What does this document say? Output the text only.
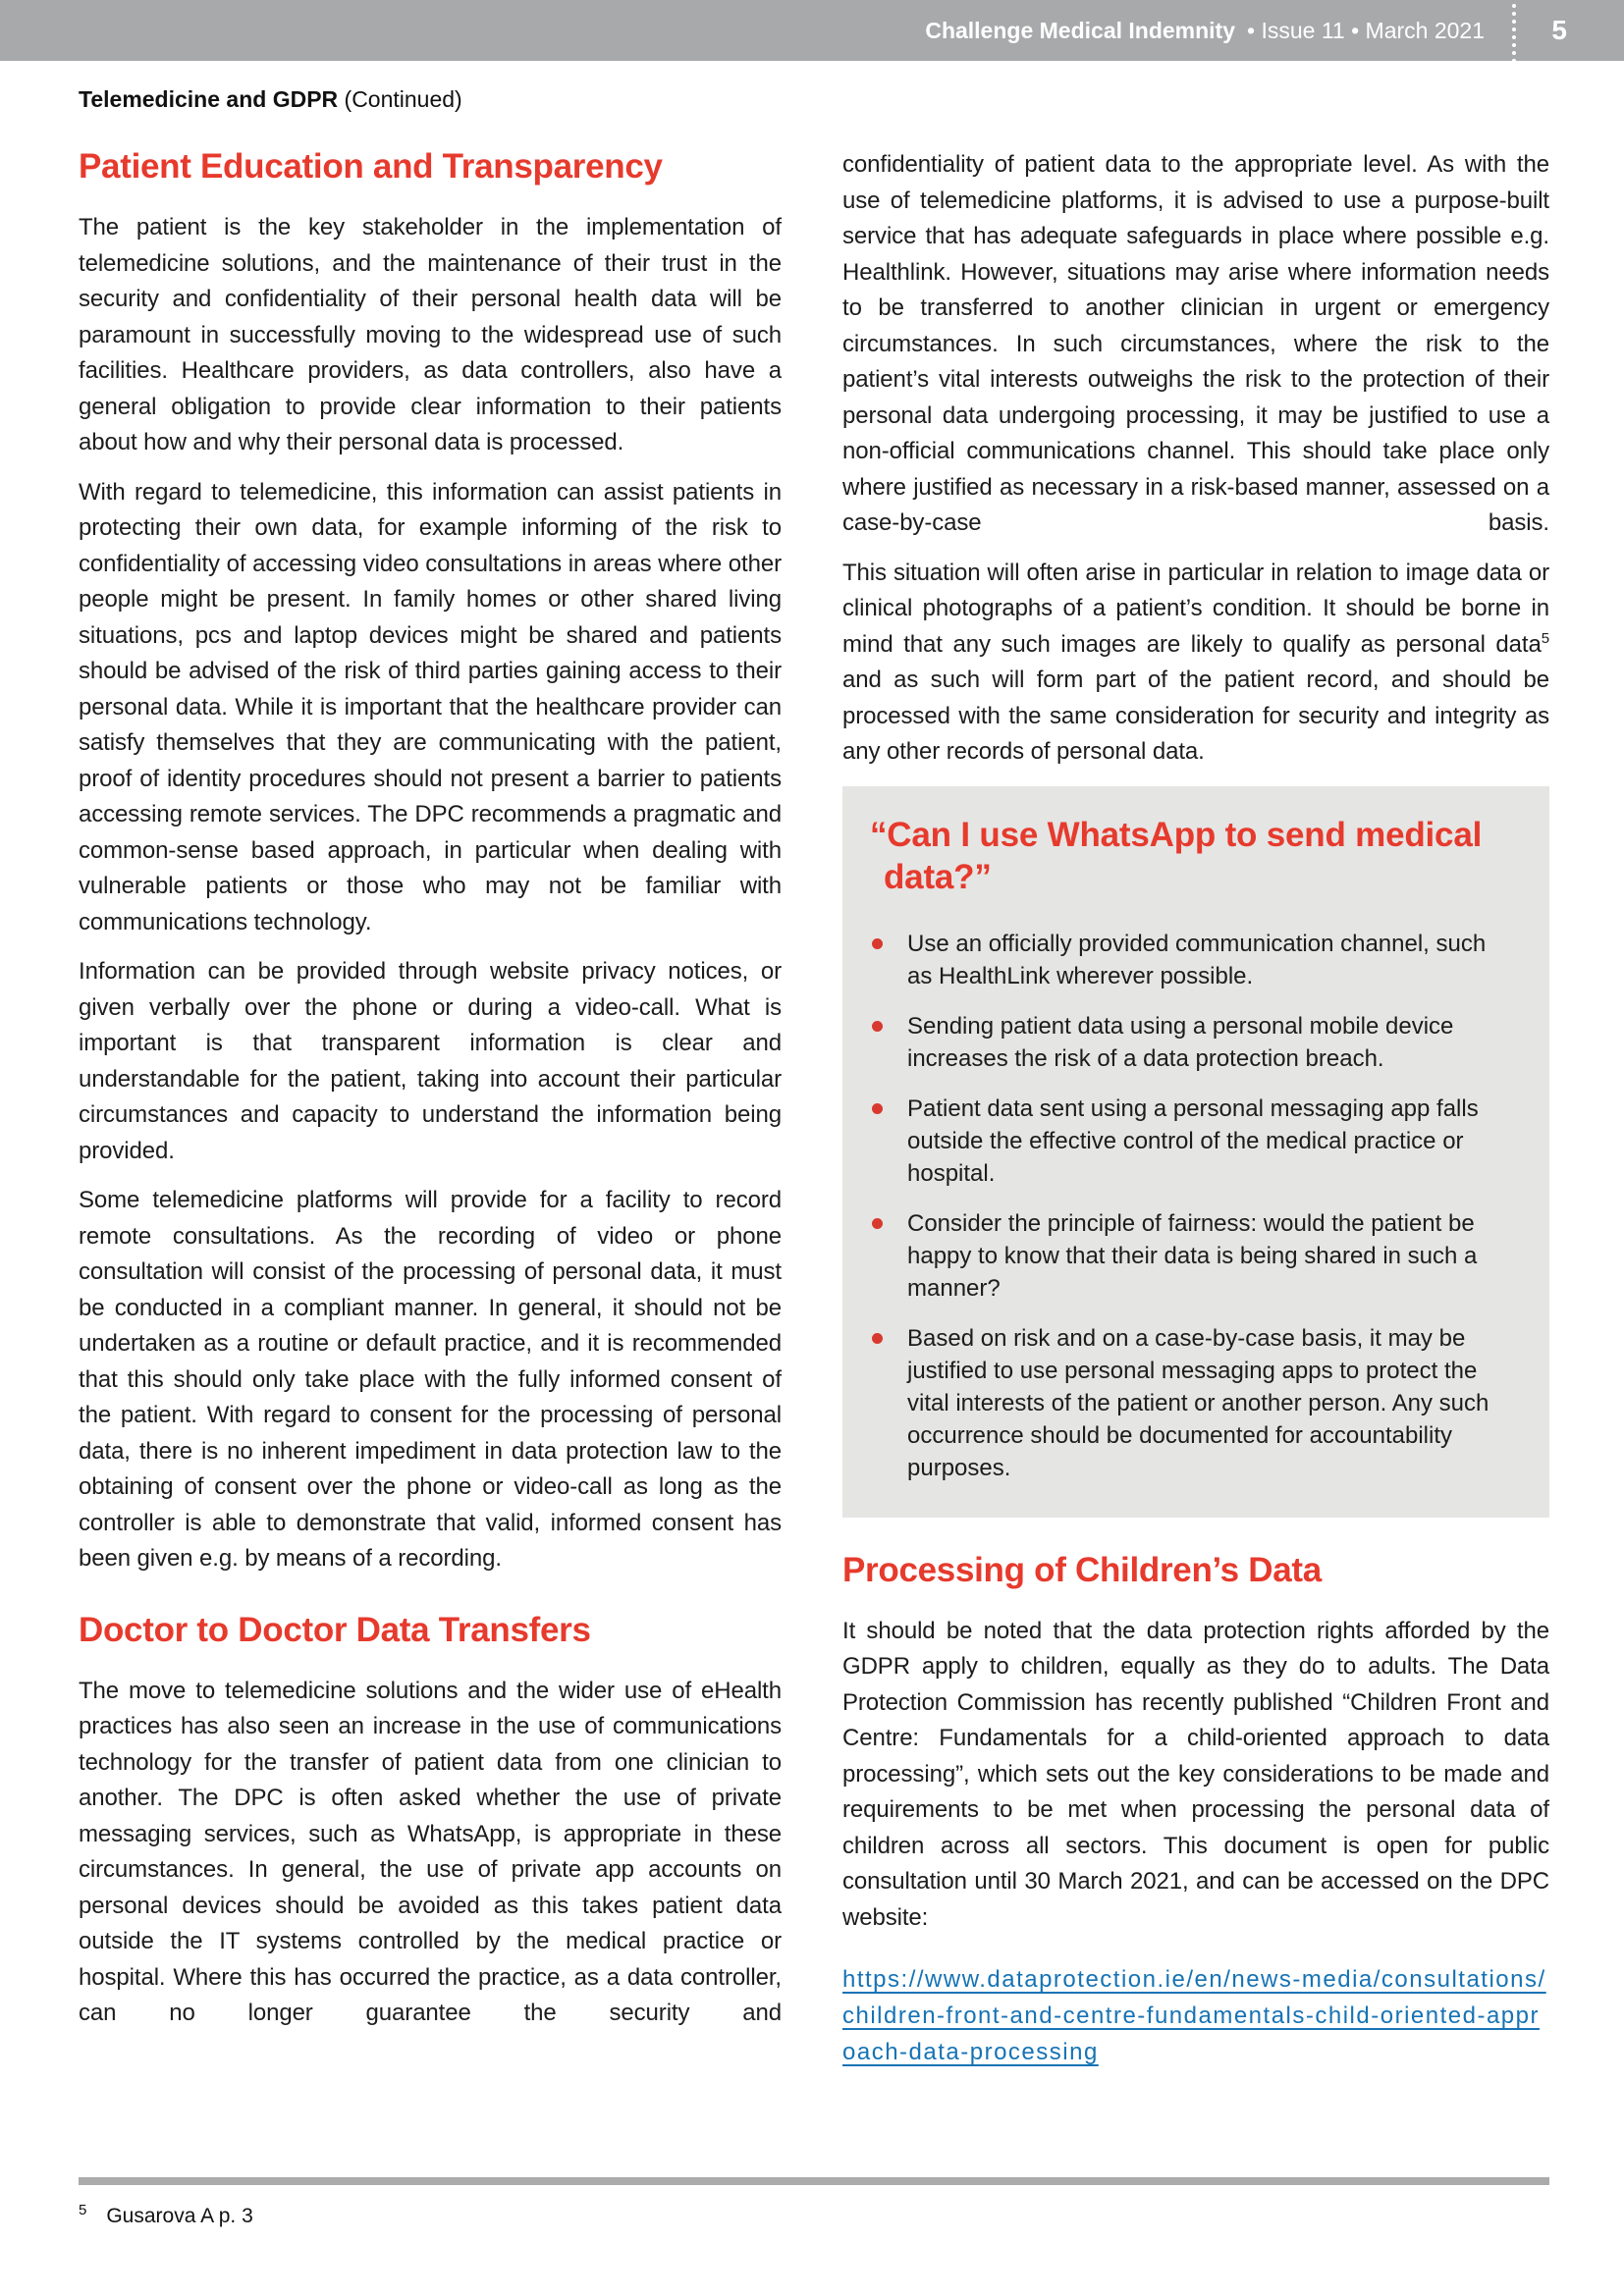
Challenge Medical Indemnity • Issue 11 • March 2021 5
Telemedicine and GDPR (Continued)
Patient Education and Transparency

The patient is the key stakeholder in the implementation of telemedicine solutions, and the maintenance of their trust in the security and confidentiality of their personal health data will be paramount in successfully moving to the widespread use of such facilities. Healthcare providers, as data controllers, also have a general obligation to provide clear information to their patients about how and why their personal data is processed.

With regard to telemedicine, this information can assist patients in protecting their own data, for example informing of the risk to confidentiality of accessing video consultations in areas where other people might be present. In family homes or other shared living situations, pcs and laptop devices might be shared and patients should be advised of the risk of third parties gaining access to their personal data. While it is important that the healthcare provider can satisfy themselves that they are communicating with the patient, proof of identity procedures should not present a barrier to patients accessing remote services. The DPC recommends a pragmatic and common-sense based approach, in particular when dealing with vulnerable patients or those who may not be familiar with communications technology.

Information can be provided through website privacy notices, or given verbally over the phone or during a video-call. What is important is that transparent information is clear and understandable for the patient, taking into account their particular circumstances and capacity to understand the information being provided.

Some telemedicine platforms will provide for a facility to record remote consultations. As the recording of video or phone consultation will consist of the processing of personal data, it must be conducted in a compliant manner. In general, it should not be undertaken as a routine or default practice, and it is recommended that this should only take place with the fully informed consent of the patient. With regard to consent for the processing of personal data, there is no inherent impediment in data protection law to the obtaining of consent over the phone or video-call as long as the controller is able to demonstrate that valid, informed consent has been given e.g. by means of a recording.

Doctor to Doctor Data Transfers

The move to telemedicine solutions and the wider use of eHealth practices has also seen an increase in the use of communications technology for the transfer of patient data from one clinician to another. The DPC is often asked whether the use of private messaging services, such as WhatsApp, is appropriate in these circumstances. In general, the use of private app accounts on personal devices should be avoided as this takes patient data outside the IT systems controlled by the medical practice or hospital. Where this has occurred the practice, as a data controller, can no longer guarantee the security and

confidentiality of patient data to the appropriate level. As with the use of telemedicine platforms, it is advised to use a purpose-built service that has adequate safeguards in place where possible e.g. Healthlink. However, situations may arise where information needs to be transferred to another clinician in urgent or emergency circumstances. In such circumstances, where the risk to the patient’s vital interests outweighs the risk to the protection of their personal data undergoing processing, it may be justified to use a non-official communications channel. This should take place only where justified as necessary in a risk-based manner, assessed on a case-by-case basis.

This situation will often arise in particular in relation to image data or clinical photographs of a patient’s condition. It should be borne in mind that any such images are likely to qualify as personal data$^5$ and as such will form part of the patient record, and should be processed with the same consideration for security and integrity as any other records of personal data.

“Can I use WhatsApp to send medical data?”
Use an officially provided communication channel, such as HealthLink wherever possible.
Sending patient data using a personal mobile device increases the risk of a data protection breach.
Patient data sent using a personal messaging app falls outside the effective control of the medical practice or hospital.
Consider the principle of fairness: would the patient be happy to know that their data is being shared in such a manner?
Based on risk and on a case-by-case basis, it may be justified to use personal messaging apps to protect the vital interests of the patient or another person. Any such occurrence should be documented for accountability purposes.
Processing of Children’s Data

It should be noted that the data protection rights afforded by the GDPR apply to children, equally as they do to adults. The Data Protection Commission has recently published “Children Front and Centre: Fundamentals for a child-oriented approach to data processing”, which sets out the key considerations to be made and requirements to be met when processing the personal data of children across all sectors. This document is open for public consultation until 30 March 2021, and can be accessed on the DPC website:

https://www.dataprotection.ie/en/news-media/consultations/children-front-and-centre-fundamentals-child-oriented-approach-data-processing
$^5$ Gusarova A p. 3
